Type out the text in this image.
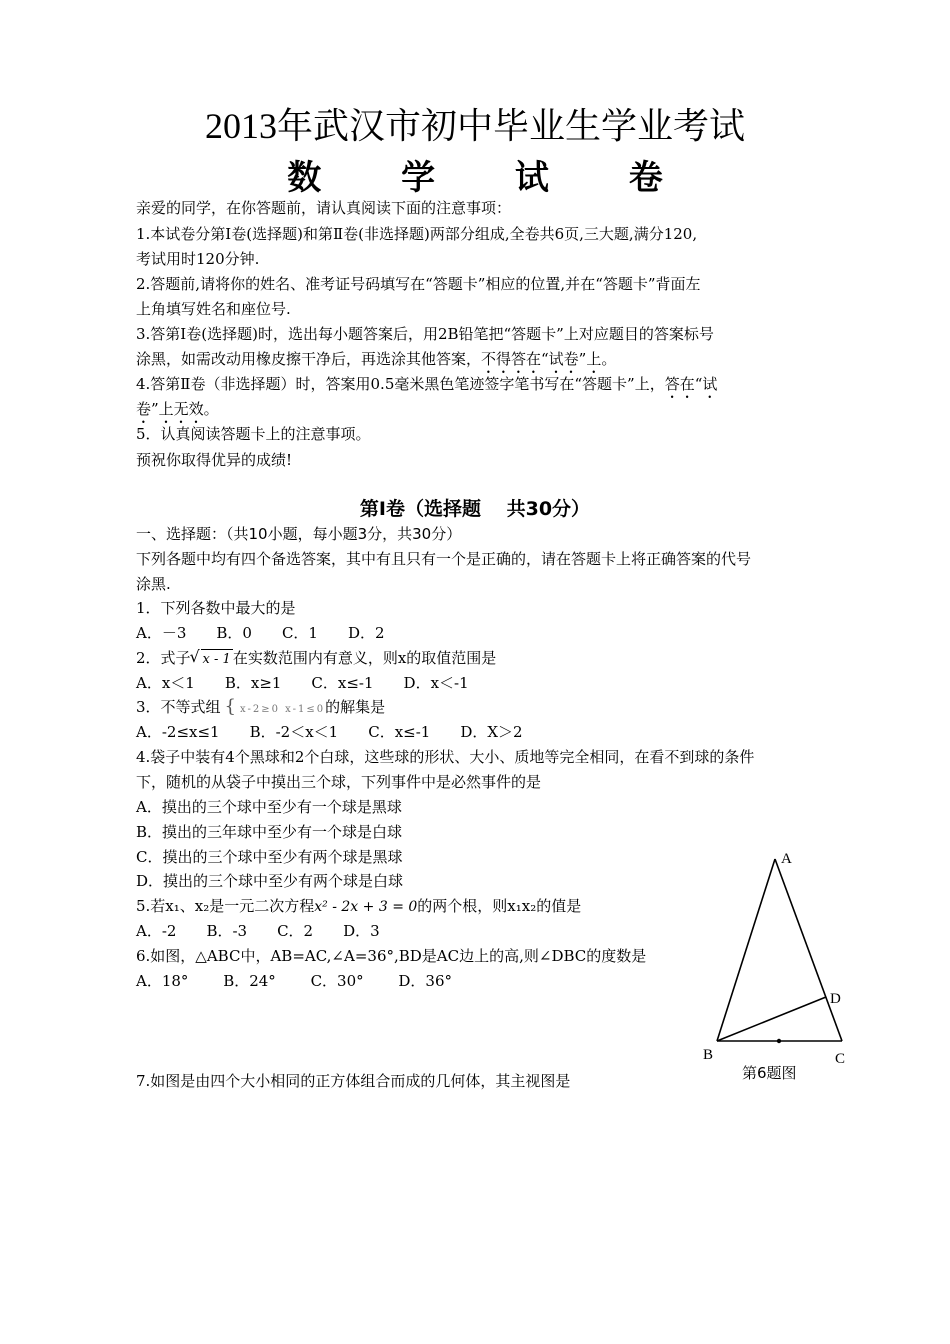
2013年武汉市初中毕业生学业考试
数 学 试 卷
亲爱的同学，在你答题前，请认真阅读下面的注意事项：
1.本试卷分第Ⅰ卷(选择题)和第Ⅱ卷(非选择题)两部分组成,全卷共6页,三大题,满分120,
考试用时120分钟.
2.答题前,请将你的姓名、准考证号码填写在“答题卡”相应的位置,并在“答题卡”背面左
上角填写姓名和座位号.
3.答第Ⅰ卷(选择题)时，选出每小题答案后，用2B铅笔把“答题卡”上对应题目的答案标号
涂黑，如需改动用橡皮擦干净后，再选涂其他答案，不得答在“试卷”上。
4.答第Ⅱ卷（非选择题）时，答案用0.5毫米黑色笔迹签字笔书写在“答题卡”上，答在“试
卷”上无效。
5．认真阅读答题卡上的注意事项。
预祝你取得优异的成绩!
第Ⅰ卷（选择题　 共30分）
一、选择题：（共10小题，每小题3分，共30分）
下列各题中均有四个备选答案，其中有且只有一个是正确的，请在答题卡上将正确答案的代号
涂黑.
1．下列各数中最大的是
A．－3　　B．0　　C．1　　D．2
2．式子 √ x - 1 在实数范围内有意义，则x的取值范围是
A．x＜1　　B．x≥1　　C．x≤-1　　D．x＜-1
3．不等式组 { x-2≥0 x-1≤0的解集是
A．-2≤x≤1　　B．-2＜x＜1　　C．x≤-1　　D．X＞2
4.袋子中装有4个黑球和2个白球，这些球的形状、大小、质地等完全相同，在看不到球的条件
下，随机的从袋子中摸出三个球，下列事件中是必然事件的是
A．摸出的三个球中至少有一个球是黑球
B．摸出的三年球中至少有一个球是白球
C．摸出的三个球中至少有两个球是黑球
D．摸出的三个球中至少有两个球是白球
5.若x₁、x₂是一元二次方程x² - 2x + 3 = 0的两个根，则x₁x₂的值是
A．-2　　B．-3　　C．2　　D．3
6.如图，△ABC中，AB=AC,∠A=36°,BD是AC边上的高,则∠DBC的度数是
A．18°　　 B．24°　　 C．30°　　 D．36°
7.如图是由四个大小相同的正方体组合而成的几何体，其主视图是
A
B	C
D
第6题图
